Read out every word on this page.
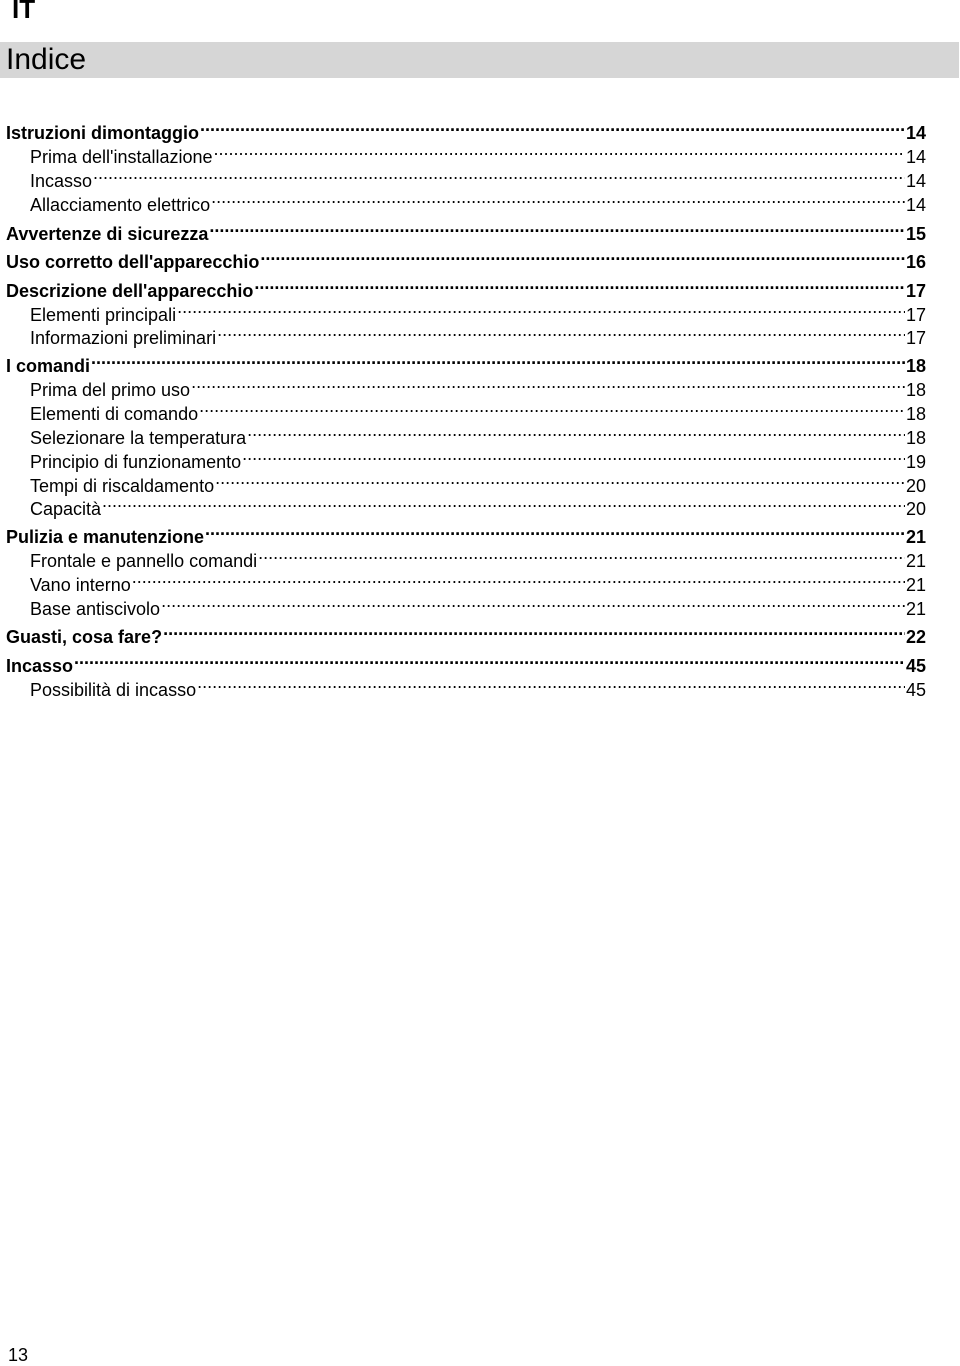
IT
Indice
Istruzioni dimontaggio .....	14
Prima dell'installazione .....	14
Incasso .....	14
Allacciamento elettrico .....	14
Avvertenze di sicurezza .....	15
Uso corretto dell'apparecchio .....	16
Descrizione dell'apparecchio .....	17
Elementi principali .....	17
Informazioni preliminari .....	17
I comandi .....	18
Prima del primo uso .....	18
Elementi di comando .....	18
Selezionare la temperatura .....	18
Principio di funzionamento .....	19
Tempi di riscaldamento .....	20
Capacità .....	20
Pulizia e manutenzione .....	21
Frontale e pannello comandi .....	21
Vano interno .....	21
Base antiscivolo .....	21
Guasti, cosa fare? .....	22
Incasso .....	45
Possibilità di incasso .....	45
13
